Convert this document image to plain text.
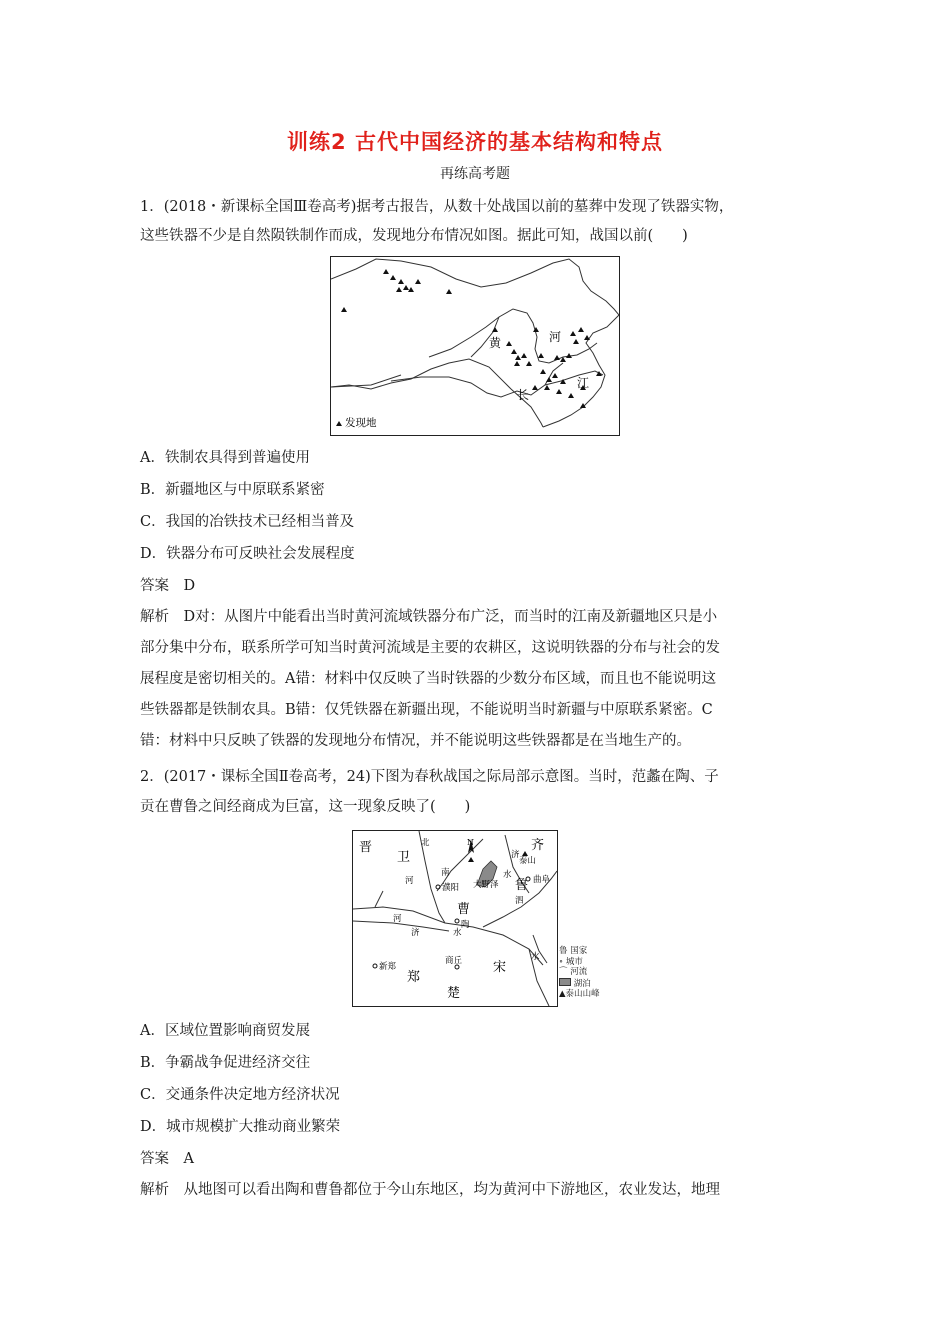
训练2 古代中国经济的基本结构和特点
再练高考题
1．(2018・新课标全国Ⅲ卷高考)据考古报告，从数十处战国以前的墓葬中发现了铁器实物，
这些铁器不少是自然陨铁制作而成，发现地分布情况如图。据此可知，战国以前(　　)
黄	河
长
江
发现地
A．铁制农具得到普遍使用
B．新疆地区与中原联系紧密
C．我国的冶铁技术已经相当普及
D．铁器分布可反映社会发展程度
答案　D
解析　D对：从图片中能看出当时黄河流域铁器分布广泛，而当时的江南及新疆地区只是小
部分集中分布，联系所学可知当时黄河流域是主要的农耕区，这说明铁器的分布与社会的发
展程度是密切相关的。A错：材料中仅反映了当时铁器的少数分布区域，而且也不能说明这
些铁器都是铁制农具。B错：仅凭铁器在新疆出现，不能说明当时新疆与中原联系紧密。C
错：材料中只反映了铁器的发现地分布情况，并不能说明这些铁器都是在当地生产的。
2．(2017・课标全国Ⅱ卷高考，24)下图为春秋战国之际局部示意图。当时，范蠡在陶、子
贡在曹鲁之间经商成为巨富，这一现象反映了(　　)
晋
卫
齐
鲁
曹
宋
郑
楚
陶
濮阳 大野泽	曲阜
泰山
新郑
商丘
北
河
济
水
泗
南
河
济	水
水
N
鲁 国家
∘ 城市
⌒ 河流
湖泊
▲泰山山峰
A．区域位置影响商贸发展
B．争霸战争促进经济交往
C．交通条件决定地方经济状况
D．城市规模扩大推动商业繁荣
答案　A
解析　从地图可以看出陶和曹鲁都位于今山东地区，均为黄河中下游地区，农业发达，地理
